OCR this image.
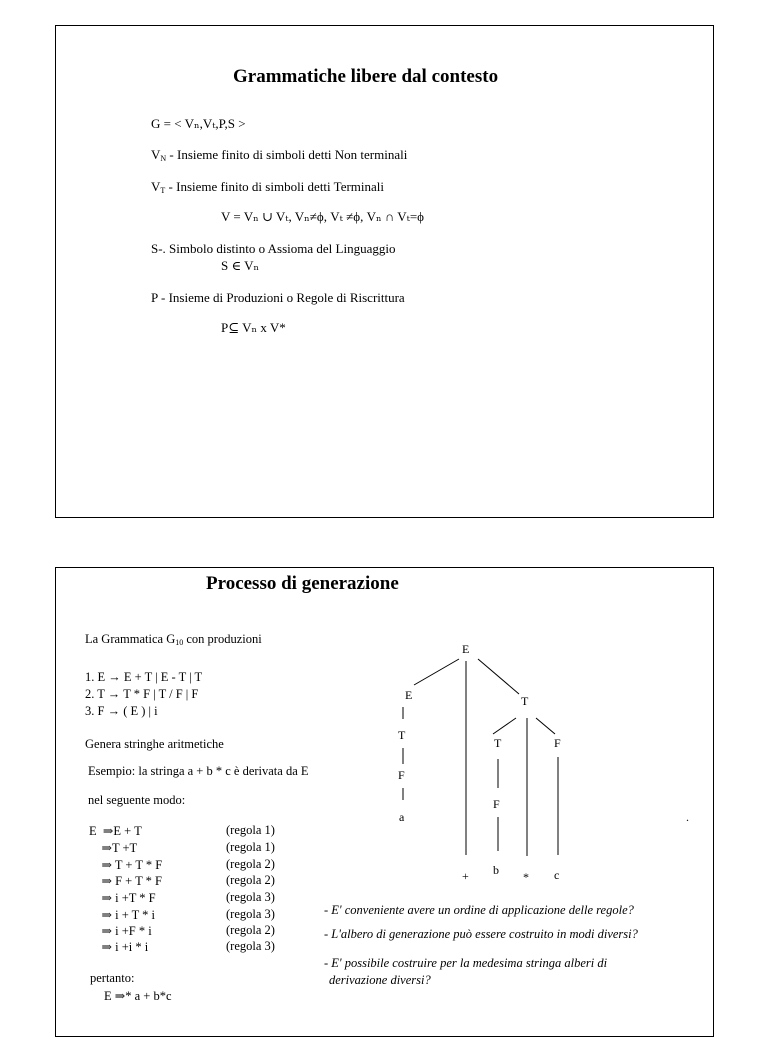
Grammatiche libere dal contesto
G = < Vₙ,Vₜ,P,S >
$V_N$ - Insieme finito di simboli detti Non terminali
$V_T$ - Insieme finito di simboli detti Terminali
V = Vₙ ∪ Vₜ, Vₙ≠ϕ, Vₜ ≠ϕ, Vₙ ∩ Vₜ=ϕ
S-. Simbolo distinto o Assioma del Linguaggio
S ∈ Vₙ
P - Insieme di Produzioni o Regole di Riscrittura
P⊆ Vₙ x V*
Processo di generazione
La Grammatica $G_{10}$ con produzioni
1. E → E + T | E - T | T
2. T → T * F | T / F | F
3. F → ( E ) | i
Genera stringhe aritmetiche
Esempio: la stringa a + b * c è derivata da E
nel seguente modo:
E  ⇒E + T	(regola 1)
⇒T +T	(regola 1)
⇒ T + T * F	(regola 2)
⇒ F + T * F	(regola 2)
⇒ i +T * F	(regola 3)
⇒ i + T * i	(regola 3)
⇒ i +F * i	(regola 2)
⇒ i +i * i	(regola 3)
pertanto:
E ⇒* a + b*c
E
E	T
T
T	F
F
F
a
+ b * c
.
- E' conveniente avere un ordine di applicazione delle regole?
- L'albero di generazione può essere costruito in modi diversi?
- E' possibile costruire per la medesima stringa alberi di
derivazione diversi?
